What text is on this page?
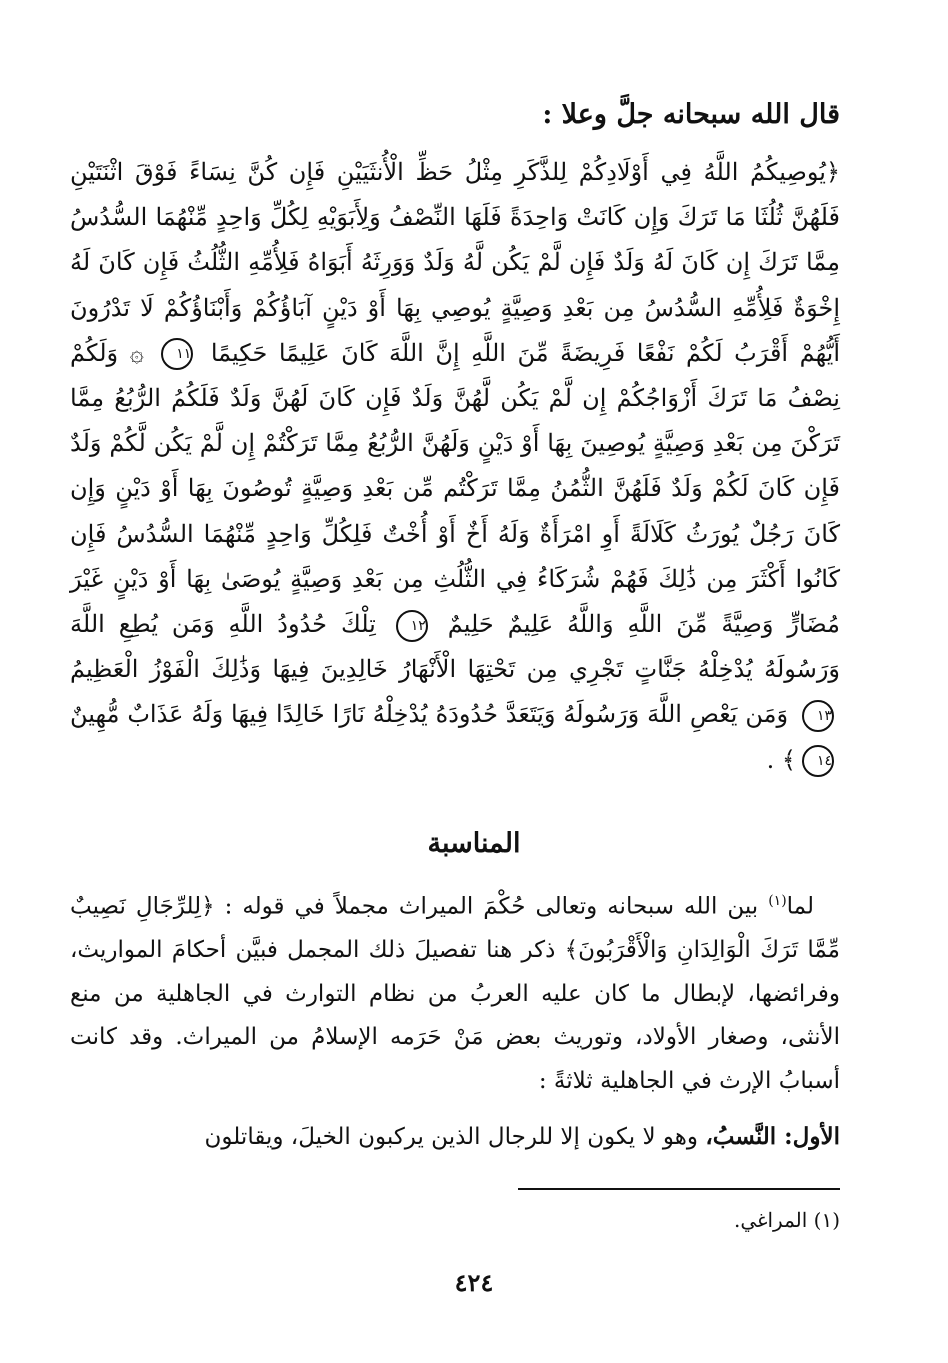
قال الله سبحانه جلَّ وعلا :
﴿يُوصِيكُمُ اللَّهُ فِي أَوْلَادِكُمْ لِلذَّكَرِ مِثْلُ حَظِّ الْأُنثَيَيْنِ فَإِن كُنَّ نِسَاءً فَوْقَ اثْنَتَيْنِ فَلَهُنَّ ثُلُثَا مَا تَرَكَ وَإِن كَانَتْ وَاحِدَةً فَلَهَا النِّصْفُ وَلِأَبَوَيْهِ لِكُلِّ وَاحِدٍ مِّنْهُمَا السُّدُسُ مِمَّا تَرَكَ إِن كَانَ لَهُ وَلَدٌ فَإِن لَّمْ يَكُن لَّهُ وَلَدٌ وَوَرِثَهُ أَبَوَاهُ فَلِأُمِّهِ الثُّلُثُ فَإِن كَانَ لَهُ إِخْوَةٌ فَلِأُمِّهِ السُّدُسُ مِن بَعْدِ وَصِيَّةٍ يُوصِي بِهَا أَوْ دَيْنٍ آبَاؤُكُمْ وَأَبْنَاؤُكُمْ لَا تَدْرُونَ أَيُّهُمْ أَقْرَبُ لَكُمْ نَفْعًا فَرِيضَةً مِّنَ اللَّهِ إِنَّ اللَّهَ كَانَ عَلِيمًا حَكِيمًا ١١ ۞ وَلَكُمْ نِصْفُ مَا تَرَكَ أَزْوَاجُكُمْ إِن لَّمْ يَكُن لَّهُنَّ وَلَدٌ فَإِن كَانَ لَهُنَّ وَلَدٌ فَلَكُمُ الرُّبُعُ مِمَّا تَرَكْنَ مِن بَعْدِ وَصِيَّةٍ يُوصِينَ بِهَا أَوْ دَيْنٍ وَلَهُنَّ الرُّبُعُ مِمَّا تَرَكْتُمْ إِن لَّمْ يَكُن لَّكُمْ وَلَدٌ فَإِن كَانَ لَكُمْ وَلَدٌ فَلَهُنَّ الثُّمُنُ مِمَّا تَرَكْتُم مِّن بَعْدِ وَصِيَّةٍ تُوصُونَ بِهَا أَوْ دَيْنٍ وَإِن كَانَ رَجُلٌ يُورَثُ كَلَالَةً أَوِ امْرَأَةٌ وَلَهُ أَخٌ أَوْ أُخْتٌ فَلِكُلِّ وَاحِدٍ مِّنْهُمَا السُّدُسُ فَإِن كَانُوا أَكْثَرَ مِن ذَٰلِكَ فَهُمْ شُرَكَاءُ فِي الثُّلُثِ مِن بَعْدِ وَصِيَّةٍ يُوصَىٰ بِهَا أَوْ دَيْنٍ غَيْرَ مُضَارٍّ وَصِيَّةً مِّنَ اللَّهِ وَاللَّهُ عَلِيمٌ حَلِيمٌ ١٢ تِلْكَ حُدُودُ اللَّهِ وَمَن يُطِعِ اللَّهَ وَرَسُولَهُ يُدْخِلْهُ جَنَّاتٍ تَجْرِي مِن تَحْتِهَا الْأَنْهَارُ خَالِدِينَ فِيهَا وَذَٰلِكَ الْفَوْزُ الْعَظِيمُ ١٣ وَمَن يَعْصِ اللَّهَ وَرَسُولَهُ وَيَتَعَدَّ حُدُودَهُ يُدْخِلْهُ نَارًا خَالِدًا فِيهَا وَلَهُ عَذَابٌ مُّهِينٌ ١٤﴾ .
المناسبة

لما$^{(١)}$ بين الله سبحانه وتعالى حُكْمَ الميراث مجملاً في قوله : ﴿لِلرِّجَالِ نَصِيبٌ مِّمَّا تَرَكَ الْوَالِدَانِ وَالْأَقْرَبُونَ﴾ ذكر هنا تفصيلَ ذلك المجمل فبيَّن أحكامَ المواريث، وفرائضها، لإبطال ما كان عليه العربُ من نظام التوارث في الجاهلية من منع الأنثى، وصغار الأولاد، وتوريث بعض مَنْ حَرَمه الإسلامُ من الميراث. وقد كانت أسبابُ الإرث في الجاهلية ثلاثةً :

الأول: النَّسبُ، وهو لا يكون إلا للرجال الذين يركبون الخيلَ، ويقاتلون

(١) المراغي.
٤٢٤
